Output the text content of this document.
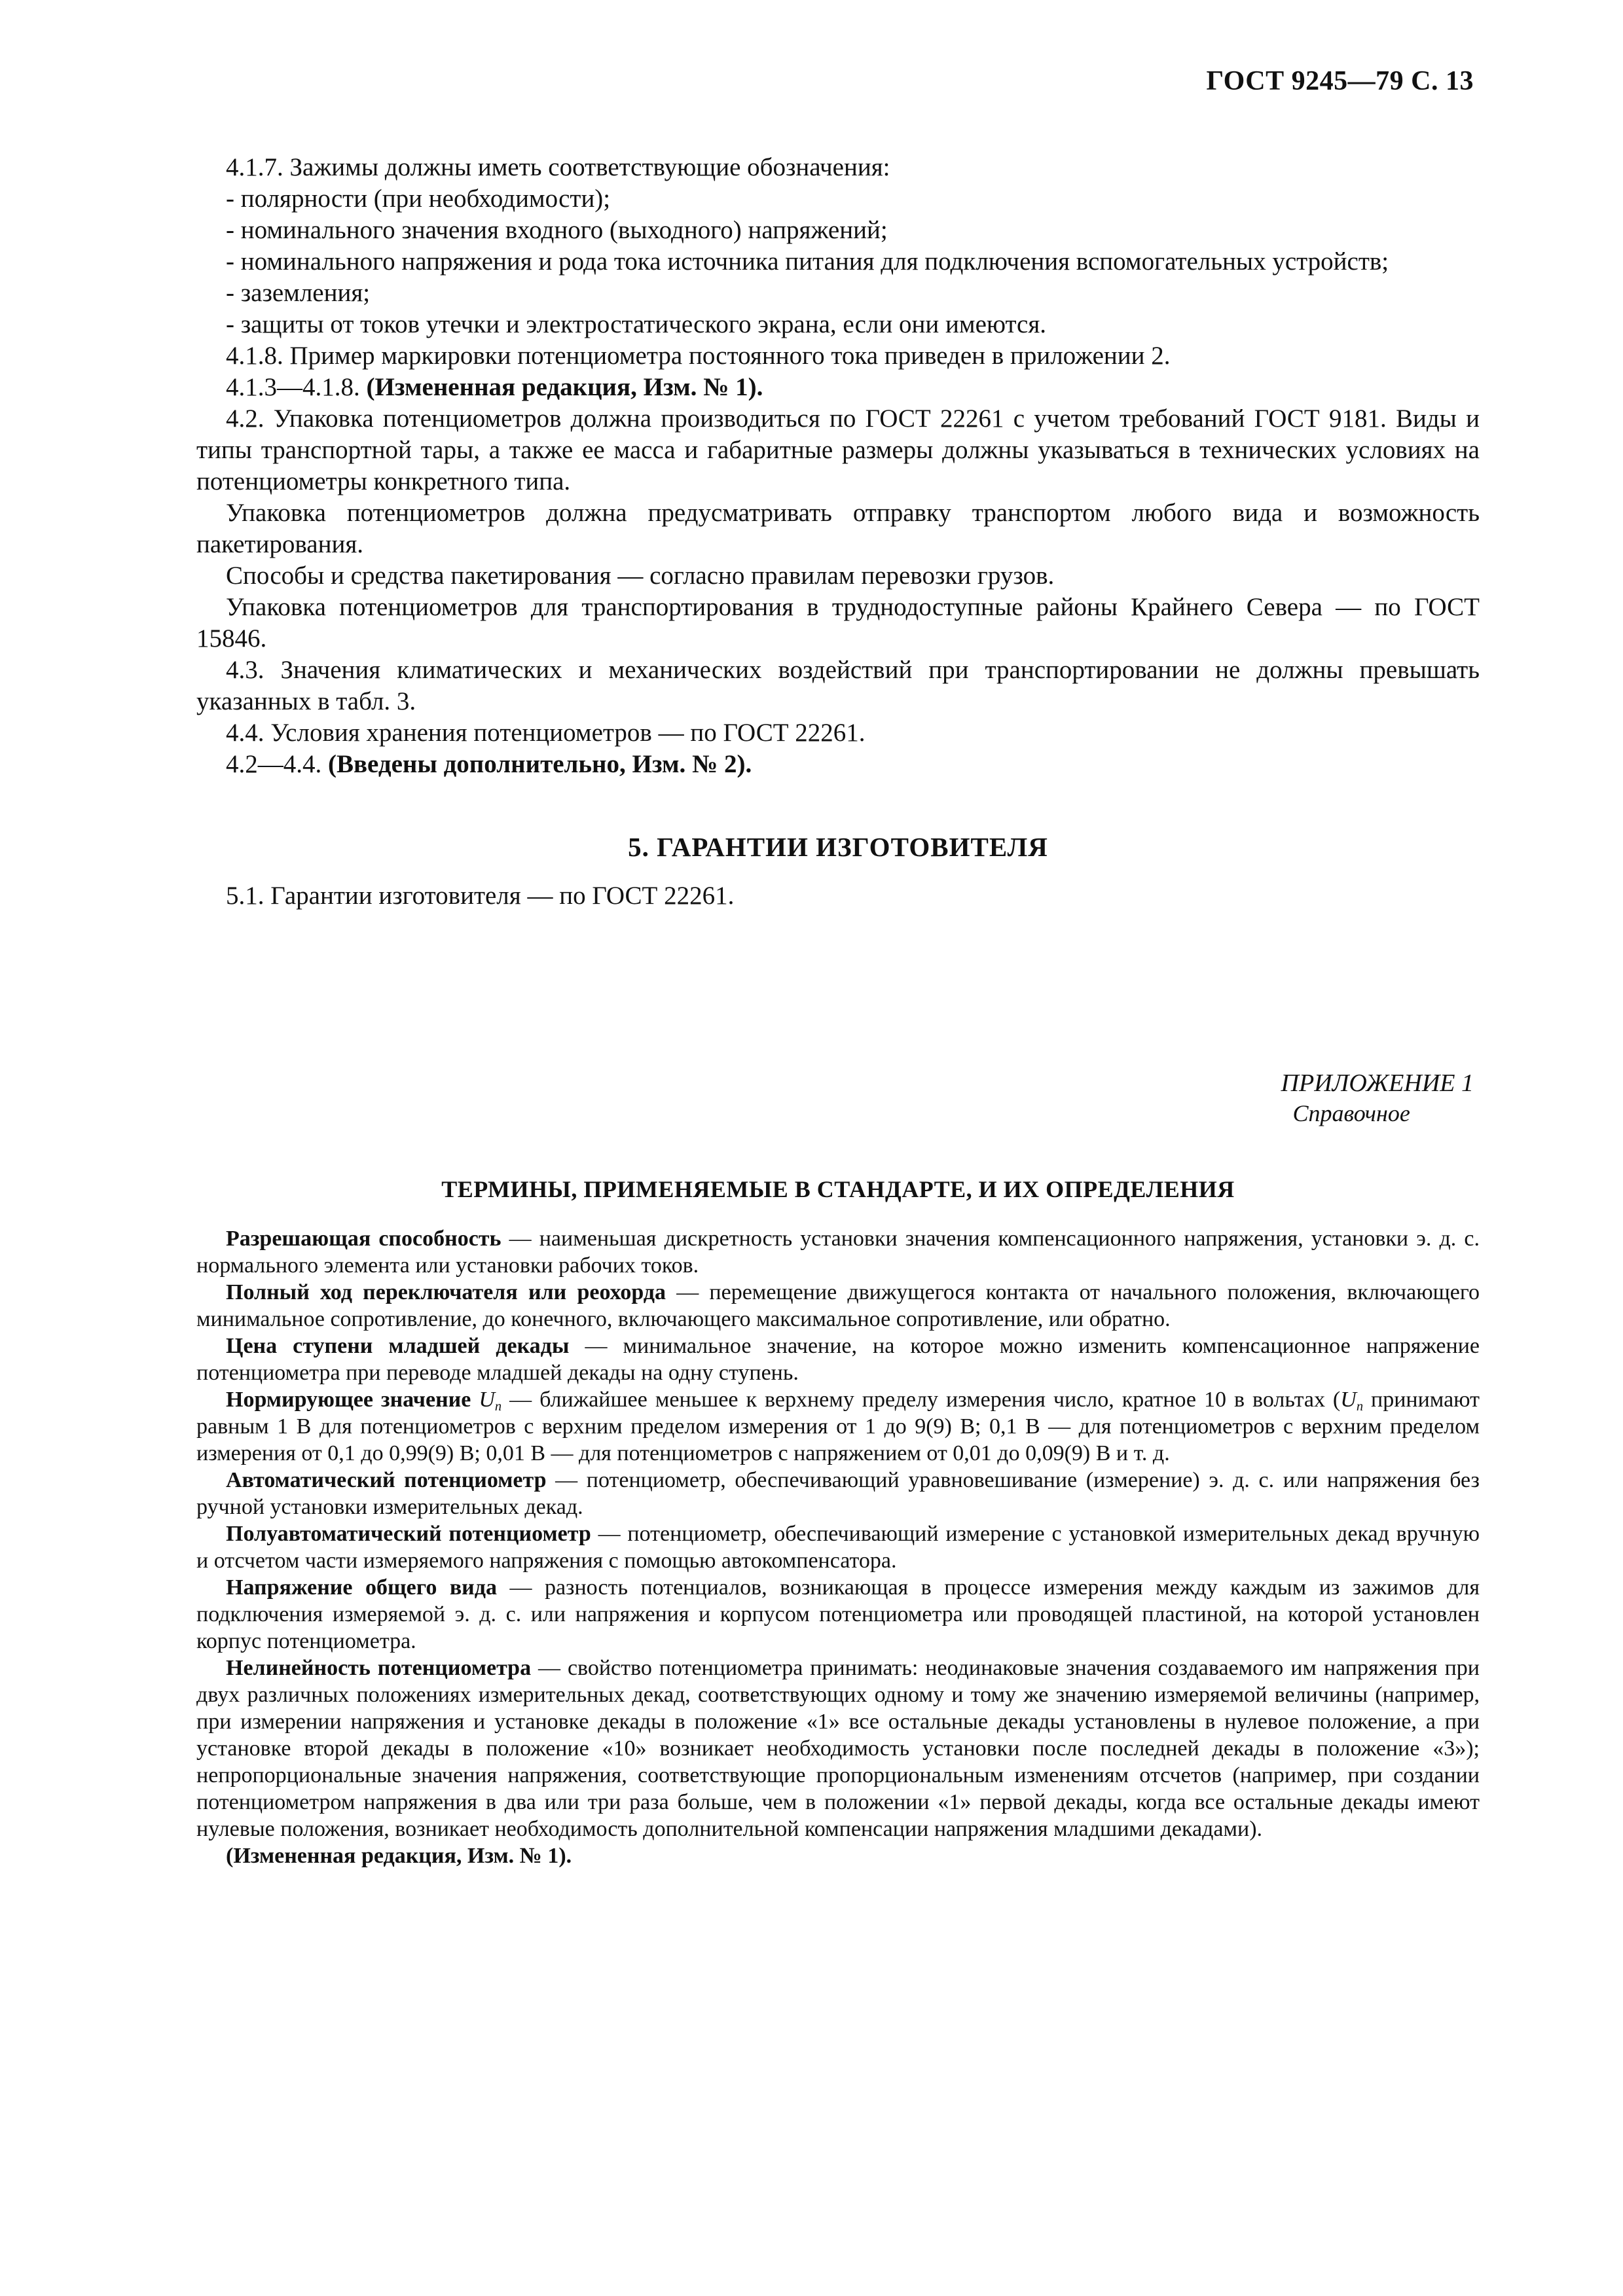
ГОСТ 9245—79 С. 13

4.1.7. Зажимы должны иметь соответствующие обозначения:

- полярности (при необходимости);

- номинального значения входного (выходного) напряжений;

- номинального напряжения и рода тока источника питания для подключения вспомогательных устройств;

- заземления;

- защиты от токов утечки и электростатического экрана, если они имеются.

4.1.8. Пример маркировки потенциометра постоянного тока приведен в приложении 2.

4.1.3—4.1.8. (Измененная редакция, Изм. № 1).

4.2. Упаковка потенциометров должна производиться по ГОСТ 22261 с учетом требований ГОСТ 9181. Виды и типы транспортной тары, а также ее масса и габаритные размеры должны указываться в технических условиях на потенциометры конкретного типа.

Упаковка потенциометров должна предусматривать отправку транспортом любого вида и возможность пакетирования.

Способы и средства пакетирования — согласно правилам перевозки грузов.

Упаковка потенциометров для транспортирования в труднодоступные районы Крайнего Севера — по ГОСТ 15846.

4.3. Значения климатических и механических воздействий при транспортировании не должны превышать указанных в табл. 3.

4.4. Условия хранения потенциометров — по ГОСТ 22261.

4.2—4.4. (Введены дополнительно, Изм. № 2).

5. ГАРАНТИИ ИЗГОТОВИТЕЛЯ

5.1. Гарантии изготовителя — по ГОСТ 22261.

ПРИЛОЖЕНИЕ 1
Справочное
ТЕРМИНЫ, ПРИМЕНЯЕМЫЕ В СТАНДАРТЕ, И ИХ ОПРЕДЕЛЕНИЯ

Разрешающая способность — наименьшая дискретность установки значения компенсационного напряжения, установки э. д. с. нормального элемента или установки рабочих токов.

Полный ход переключателя или реохорда — перемещение движущегося контакта от начального положения, включающего минимальное сопротивление, до конечного, включающего максимальное сопротивление, или обратно.

Цена ступени младшей декады — минимальное значение, на которое можно изменить компенсационное напряжение потенциометра при переводе младшей декады на одну ступень.

Нормирующее значение $U_п$ — ближайшее меньшее к верхнему пределу измерения число, кратное 10 в вольтах ($U_п$ принимают равным 1 В для потенциометров с верхним пределом измерения от 1 до 9(9) В; 0,1 В — для потенциометров с верхним пределом измерения от 0,1 до 0,99(9) В; 0,01 В — для потенциометров с напряжением от 0,01 до 0,09(9) В и т. д.

Автоматический потенциометр — потенциометр, обеспечивающий уравновешивание (измерение) э. д. с. или напряжения без ручной установки измерительных декад.

Полуавтоматический потенциометр — потенциометр, обеспечивающий измерение с установкой измерительных декад вручную и отсчетом части измеряемого напряжения с помощью автокомпенсатора.

Напряжение общего вида — разность потенциалов, возникающая в процессе измерения между каждым из зажимов для подключения измеряемой э. д. с. или напряжения и корпусом потенциометра или проводящей пластиной, на которой установлен корпус потенциометра.

Нелинейность потенциометра — свойство потенциометра принимать: неодинаковые значения создаваемого им напряжения при двух различных положениях измерительных декад, соответствующих одному и тому же значению измеряемой величины (например, при измерении напряжения и установке декады в положение «1» все остальные декады установлены в нулевое положение, а при установке второй декады в положение «10» возникает необходимость установки после последней декады в положение «3»); непропорциональные значения напряжения, соответствующие пропорциональным изменениям отсчетов (например, при создании потенциометром напряжения в два или три раза больше, чем в положении «1» первой декады, когда все остальные декады имеют нулевые положения, возникает необходимость дополнительной компенсации напряжения младшими декадами).

(Измененная редакция, Изм. № 1).
